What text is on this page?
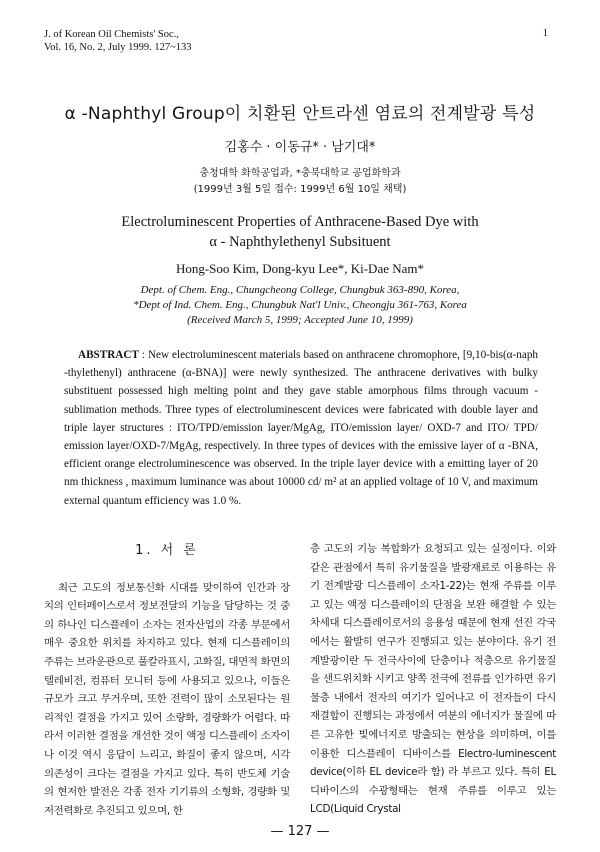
J. of Korean Oil Chemists' Soc.,
Vol. 16, No. 2, July 1999. 127~133
1
α -Naphthyl Group이 치환된 안트라센 염료의 전계발광 특성
김홍수 · 이동규* · 남기대*
충청대학 화학공업과, *충북대학교 공업화학과
(1999년 3월 5일 접수: 1999년 6월 10일 채택)
Electroluminescent Properties of Anthracene-Based Dye with
α - Naphthylethenyl Subsituent
Hong-Soo Kim, Dong-kyu Lee*, Ki-Dae Nam*
Dept. of Chem. Eng., Chungcheong College, Chungbuk 363-890, Korea,
*Dept of Ind. Chem. Eng., Chungbuk Nat'l Univ., Cheongju 361-763, Korea
(Received March 5, 1999; Accepted June 10, 1999)
ABSTRACT : New electroluminescent materials based on anthracene chromophore, [9,10-bis(α-naph -thylethenyl) anthracene (α-BNA)] were newly synthesized. The anthracene derivatives with bulky substituent possessed high melting point and they gave stable amorphous films through vacuum - sublimation methods. Three types of electroluminescent devices were fabricated with double layer and triple layer structures : ITO/TPD/emission layer/MgAg, ITO/emission layer/ OXD-7 and ITO/ TPD/ emission layer/OXD-7/MgAg, respectively. In three types of devices with the emissive layer of α -BNA, efficient orange electroluminescence was observed. In the triple layer device with a emitting layer of 20 nm thickness , maximum luminance was about 10000 cd/ m² at an applied voltage of 10 V, and maximum external quantum efficiency was 1.0 %.
1. 서 론

최근 고도의 정보통신화 시대를 맞이하여 인간과 장치의 인터페이스로서 정보전달의 기능을 담당하는 것 중의 하나인 디스플레이 소자는 전자산업의 각종 부문에서 매우 중요한 위치를 차지하고 있다. 현재 디스플레이의 주류는 브라운관으로 풀칼라표시, 고화질, 대면적 화면의 텔레비전, 컴퓨터 모니터 등에 사용되고 있으나, 이들은 규모가 크고 무거우며, 또한 전력이 많이 소모된다는 원리적인 결점을 가지고 있어 소량화, 경량화가 어렵다. 따라서 이러한 결점을 개선한 것이 액정 디스플레이 소자이나 이것 역시 응답이 느리고, 화질이 좋지 않으며, 시각 의존성이 크다는 결점을 가지고 있다. 특히 반도체 기술의 현저한 발전은 각종 전자 기기류의 소형화, 경량화 및 저전력화로 추진되고 있으며, 한

층 고도의 기능 복합화가 요청되고 있는 실정이다. 이와같은 관점에서 특히 유기물질을 발광재료로 이용하는 유기 전계발광 디스플레이 소자1-22)는 현재 주류를 이루고 있는 액정 디스플레이의 단점을 보완 해결할 수 있는 차세대 디스플레이로서의 응용성 때문에 현재 선진 각국에서는 활발히 연구가 진행되고 있는 분야이다. 유기 전계발광이란 두 전극사이에 단층이나 적층으로 유기물질을 샌드위치화 시키고 양쪽 전극에 전류를 인가하면 유기물층 내에서 전자의 여기가 일어나고 이 전자들이 다시 재결합이 진행되는 과정에서 여분의 에너지가 물질에 따른 고유한 빛에너지로 방출되는 현상을 의미하며, 이를 이용한 디스플레이 디바이스를 Electro-luminescent device(이하 EL device라 함) 라 부르고 있다. 특히 EL 디바이스의 수광형태는 현재 주류를 이루고 있는 LCD(Liquid Crystal

— 127 —
